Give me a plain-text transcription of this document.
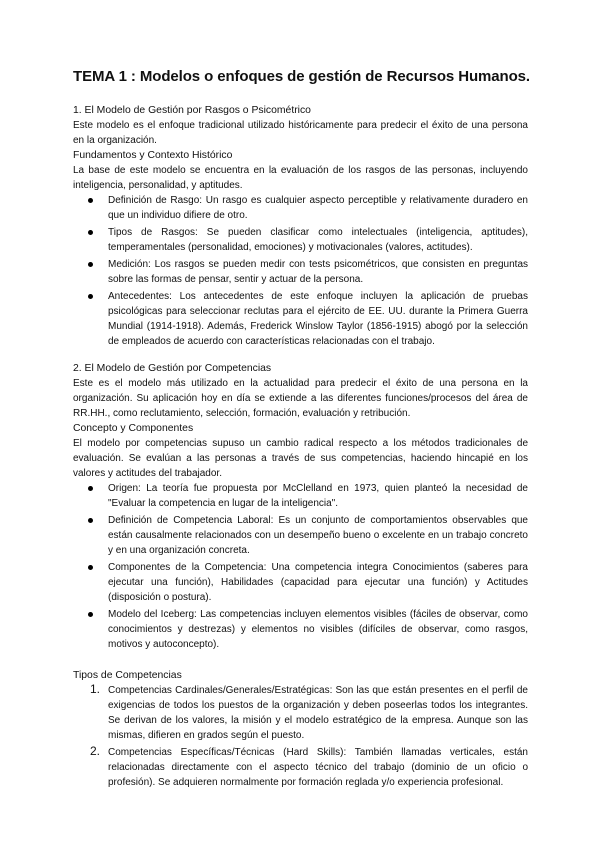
TEMA 1 : Modelos o enfoques de gestión de Recursos Humanos.

1. El Modelo de Gestión por Rasgos o Psicométrico

Este modelo es el enfoque tradicional utilizado históricamente para predecir el éxito de una persona en la organización.

Fundamentos y Contexto Histórico

La base de este modelo se encuentra en la evaluación de los rasgos de las personas, incluyendo inteligencia, personalidad, y aptitudes.

Definición de Rasgo: Un rasgo es cualquier aspecto perceptible y relativamente duradero en que un individuo difiere de otro.
Tipos de Rasgos: Se pueden clasificar como intelectuales (inteligencia, aptitudes), temperamentales (personalidad, emociones) y motivacionales (valores, actitudes).
Medición: Los rasgos se pueden medir con tests psicométricos, que consisten en preguntas sobre las formas de pensar, sentir y actuar de la persona.
Antecedentes: Los antecedentes de este enfoque incluyen la aplicación de pruebas psicológicas para seleccionar reclutas para el ejército de EE. UU. durante la Primera Guerra Mundial (1914-1918). Además, Frederick Winslow Taylor (1856-1915) abogó por la selección de empleados de acuerdo con características relacionadas con el trabajo.

2. El Modelo de Gestión por Competencias

Este es el modelo más utilizado en la actualidad para predecir el éxito de una persona en la organización. Su aplicación hoy en día se extiende a las diferentes funciones/procesos del área de RR.HH., como reclutamiento, selección, formación, evaluación y retribución.

Concepto y Componentes

El modelo por competencias supuso un cambio radical respecto a los métodos tradicionales de evaluación. Se evalúan a las personas a través de sus competencias, haciendo hincapié en los valores y actitudes del trabajador.

Origen: La teoría fue propuesta por McClelland en 1973, quien planteó la necesidad de "Evaluar la competencia en lugar de la inteligencia".
Definición de Competencia Laboral: Es un conjunto de comportamientos observables que están causalmente relacionados con un desempeño bueno o excelente en un trabajo concreto y en una organización concreta.
Componentes de la Competencia: Una competencia integra Conocimientos (saberes para ejecutar una función), Habilidades (capacidad para ejecutar una función) y Actitudes (disposición o postura).
Modelo del Iceberg: Las competencias incluyen elementos visibles (fáciles de observar, como conocimientos y destrezas) y elementos no visibles (difíciles de observar, como rasgos, motivos y autoconcepto).

Tipos de Competencias

1. Competencias Cardinales/Generales/Estratégicas: Son las que están presentes en el perfil de exigencias de todos los puestos de la organización y deben poseerlas todos los integrantes. Se derivan de los valores, la misión y el modelo estratégico de la empresa. Aunque son las mismas, difieren en grados según el puesto.
2. Competencias Específicas/Técnicas (Hard Skills): También llamadas verticales, están relacionadas directamente con el aspecto técnico del trabajo (dominio de un oficio o profesión). Se adquieren normalmente por formación reglada y/o experiencia profesional.
